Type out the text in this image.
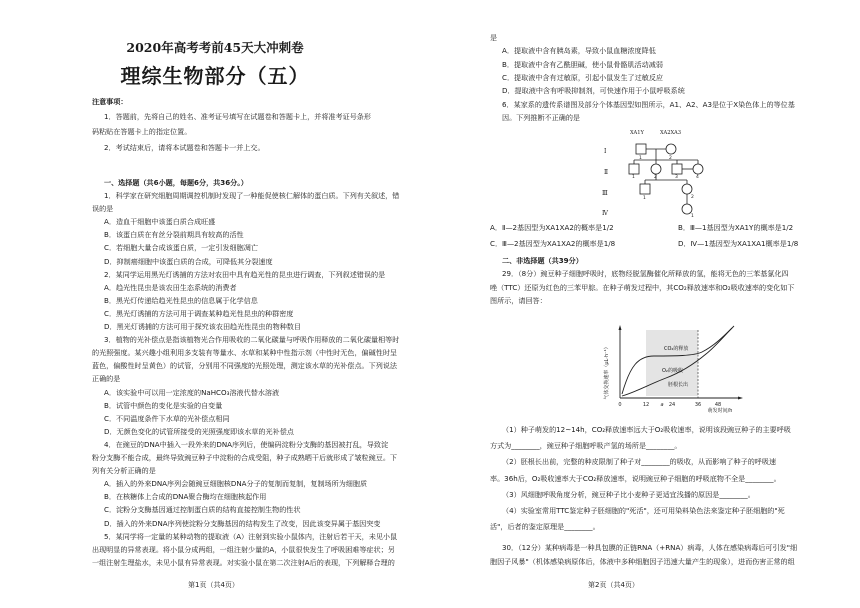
2020年高考考前45天大冲刺卷
理综生物部分（五）
注意事项：
1．答题前，先将自己的姓名、准考证号填写在试题卷和答题卡上，并将准考证号条形
码粘贴在答题卡上的指定位置。
2．考试结束后，请将本试题卷和答题卡一并上交。
一、选择题（共6小题，每题6分，共36分。）
1．科学家在研究细胞周期调控机制时发现了一种能促使核仁解体的蛋白质。下列有关叙述，错
误的是
A．造血干细胞中该蛋白质合成旺盛
B．该蛋白质在有丝分裂前期具有较高的活性
C．若细胞大量合成该蛋白质，一定引发细胞凋亡
D．抑制癌细胞中该蛋白质的合成，可降低其分裂速度
2．某同学运用黑光灯诱捕的方法对农田中具有趋光性的昆虫进行调查，下列叙述错误的是
A．趋光性昆虫是该农田生态系统的消费者
B．黑光灯传递给趋光性昆虫的信息属于化学信息
C．黑光灯诱捕的方法可用于调查某种趋光性昆虫的种群密度
D．黑光灯诱捕的方法可用于探究该农田趋光性昆虫的物种数目
3．植物的光补偿点是指该植物光合作用吸收的二氧化碳量与呼吸作用释放的二氧化碳量相等时
的光照强度。某兴趣小组利用多支装有等量水、水草和某种中性指示剂（中性时无色，偏碱性时呈
蓝色，偏酸性时呈黄色）的试管，分别用不同强度的光照处理，测定该水草的光补偿点。下列说法
正确的是
A．该实验中可以用一定浓度的NaHCO₃溶液代替水溶液
B．试管中颜色的变化是实验的自变量
C．不同温度条件下水草的光补偿点相同
D．无颜色变化的试管所接受的光照强度即该水草的光补偿点
4．在豌豆的DNA中插入一段外来的DNA序列后，使编码淀粉分支酶的基因被打乱，导致淀
粉分支酶不能合成，最终导致豌豆种子中淀粉的合成受阻，种子成熟晒干后就形成了皱粒豌豆。下
列有关分析正确的是
A．插入的外来DNA序列会随豌豆细胞核DNA分子的复制而复制，复制场所为细胞质
B．在核糖体上合成的DNA聚合酶均在细胞核起作用
C．淀粉分支酶基因通过控制蛋白质的结构直接控制生物的性状
D．插入的外来DNA序列使淀粉分支酶基因的结构发生了改变，因此该变异属于基因突变
5．某同学将一定量的某种动物的提取液（A）注射到实验小鼠体内，注射后若干天，未见小鼠
出现明显的异常表现。将小鼠分成两组，一组注射少量的A，小鼠很快发生了呼吸困难等症状；另
一组注射生理盐水，未见小鼠有异常表现。对实验小鼠在第二次注射A后的表现，下列解释合理的
第1页（共4页）
是
A．提取液中含有胰岛素，导致小鼠血糖浓度降低
B．提取液中含有乙酰胆碱，使小鼠骨骼肌活动减弱
C．提取液中含有过敏原，引起小鼠发生了过敏反应
D．提取液中含有呼吸抑制剂，可快速作用于小鼠呼吸系统
6．某家系的遗传系谱图及部分个体基因型如图所示，A1、A2、A3是位于X染色体上的等位基
因。下列推断不正确的是
Ⅰ
Ⅱ
Ⅲ
Ⅳ
XA1Y	XA2XA3
1	2
1	2	3	4
1	2
1
A．Ⅱ—2基因型为XA1XA2的概率是1/2	B．Ⅲ—1基因型为XA1Y的概率是1/2
C．Ⅲ—2基因型为XA1XA2的概率是1/8	D．Ⅳ—1基因型为XA1XA1概率是1/8
二、非选择题（共39分）
29．（8分）豌豆种子细胞呼吸时，底物经脱氢酶催化所释放的氢，能将无色的三苯基氯化四
唑（TTC）还原为红色的三苯甲腙。在种子萌发过程中，其CO₂释放速率和O₂吸收速率的变化如下
图所示，请回答：
气体交换速率（μL·h⁻¹）	CO₂的释放
O₂的吸收
胚根长出
0	12 a 24	36	48
萌发时间/h
（1）种子萌发的12~14h，CO₂释放速率远大于O₂吸收速率，说明该段豌豆种子的主要呼吸
方式为________，豌豆种子细胞呼吸产氢的场所是________。
（2）胚根长出前，完整的种皮限制了种子对________的吸收，从而影响了种子的呼吸速
率。36h后，O₂吸收速率大于CO₂释放速率，说明豌豆种子细胞的呼吸底物不全是________。
（3）风细胞呼吸角度分析，豌豆种子比小麦种子更适宜浅播的原因是________。
（4）实验室常用TTC鉴定种子胚细胞的"死活"，还可用染料染色法来鉴定种子胚细胞的"死
活"，后者的鉴定原理是________。
30．（12分）某种病毒是一种具包膜的正链RNA（+RNA）病毒，人体在感染病毒后可引发"细
胞因子风暴"（机体感染病原体后，体液中多种细胞因子迅速大量产生的现象），进而伤害正常的组
第2页（共4页）
